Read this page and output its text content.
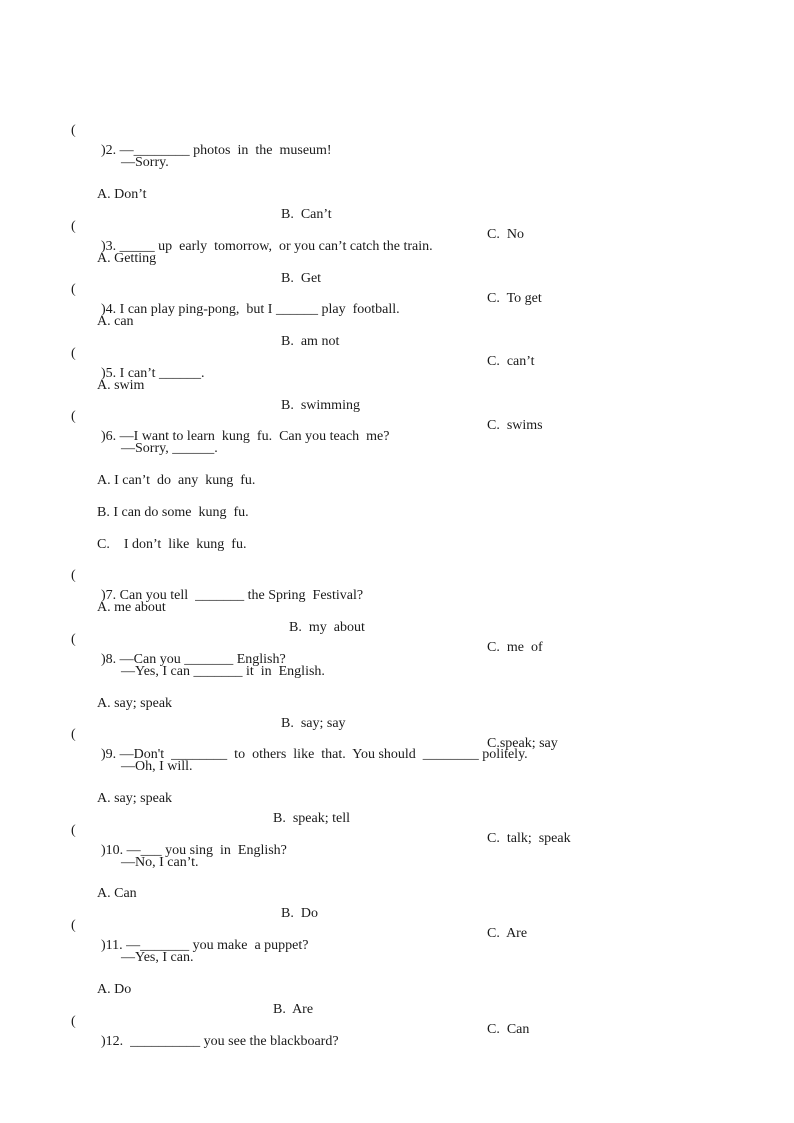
(

)2. —________ photos  in  the  museum!

—Sorry.

A. Don’t

B.  Can’t

C.  No

(

)3. _____ up  early  tomorrow,  or you can’t catch the train.

A. Getting

B.  Get

C.  To get

(

)4. I can play ping-pong,  but I ______ play  football.

A. can

B.  am not

C.  can’t

(

)5. I can’t ______.

A. swim

B.  swimming

C.  swims

(

)6. —I want to learn  kung  fu.  Can you teach  me?

—Sorry, ______.

A. I can’t  do  any  kung  fu.

B. I can do some  kung  fu.

C.    I don’t  like  kung  fu.

(

)7. Can you tell  _______ the Spring  Festival?

A. me about

B.  my  about

C.  me  of

(

)8. —Can you _______ English?

—Yes, I can _______ it  in  English.

A. say; speak

B.  say; say

C.speak; say

(

)9. —Don't  ________  to  others  like  that.  You should  ________ politely.

—Oh, I will.

A. say; speak

B.  speak; tell

C.  talk;  speak

(

)10. —___ you sing  in  English?

—No, I can’t.

A. Can

B.  Do

C.  Are

(

)11. —_______ you make  a puppet?

—Yes, I can.

A. Do

B.  Are

C.  Can

(

)12.  __________ you see the blackboard?
